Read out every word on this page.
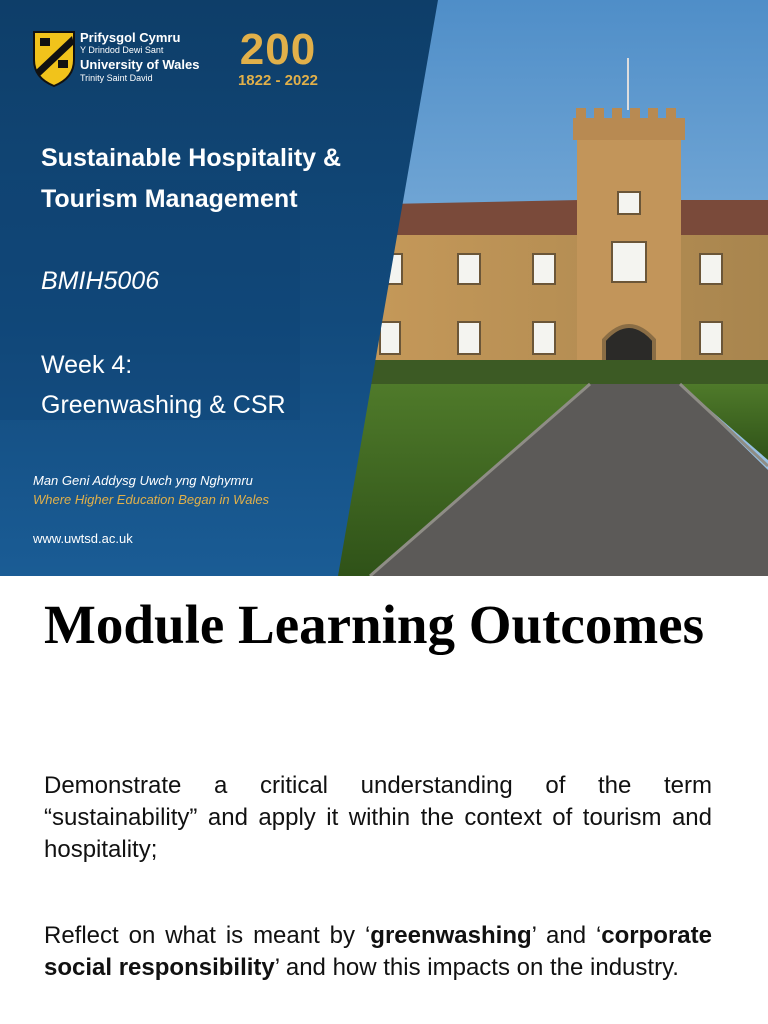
Prifysgol Cymru
Y Drindod Dewi Sant
University of Wales
Trinity Saint David
200
1822 - 2022
Sustainable Hospitality & Tourism Management
BMIH5006
Week 4:
Greenwashing & CSR
Man Geni Addysg Uwch yng Nghymru
Where Higher Education Began in Wales
www.uwtsd.ac.uk
Module Learning Outcomes

Demonstrate a critical understanding of the term “sustainability” and apply it within the context of tourism and hospitality;

Reflect on what is meant by ‘greenwashing’ and ‘corporate social responsibility’ and how this impacts on the industry.
